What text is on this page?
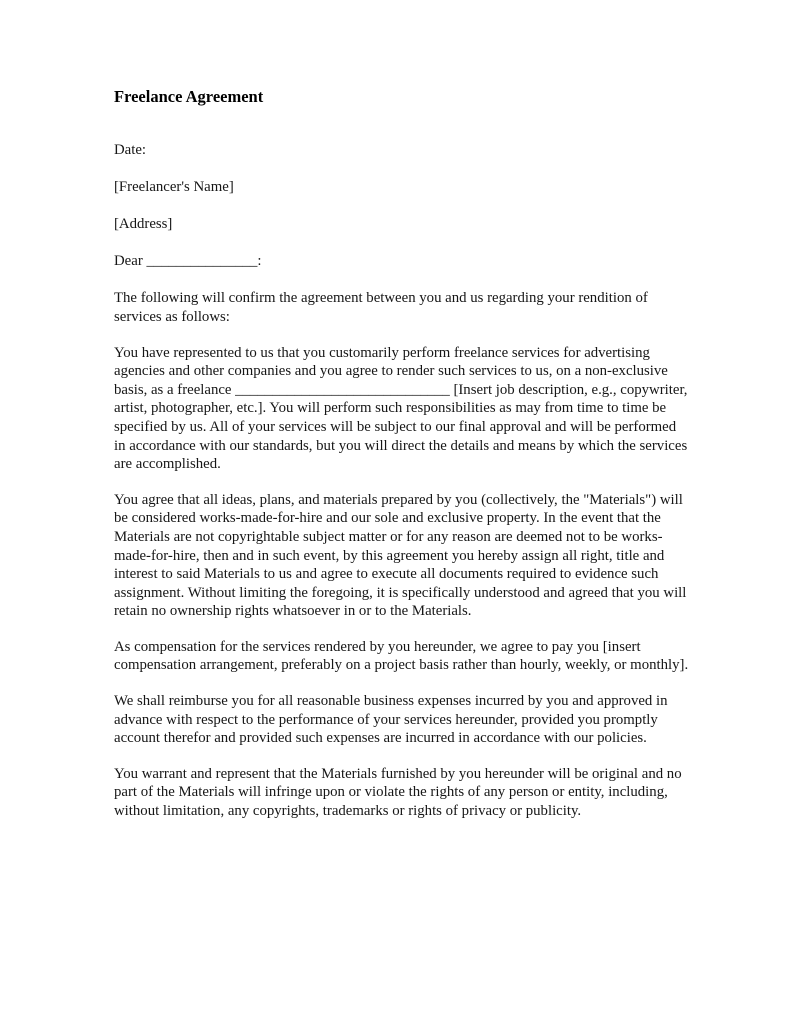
Freelance Agreement

Date:

[Freelancer's Name]

[Address]

Dear _______________:

The following will confirm the agreement between you and us regarding your rendition of services as follows:

You have represented to us that you customarily perform freelance services for advertising agencies and other companies and you agree to render such services to us, on a non-exclusive basis, as a freelance _____________________________ [Insert job description, e.g., copywriter, artist, photographer, etc.]. You will perform such responsibilities as may from time to time be specified by us. All of your services will be subject to our final approval and will be performed in accordance with our standards, but you will direct the details and means by which the services are accomplished.

You agree that all ideas, plans, and materials prepared by you (collectively, the "Materials") will be considered works-made-for-hire and our sole and exclusive property. In the event that the Materials are not copyrightable subject matter or for any reason are deemed not to be works-made-for-hire, then and in such event, by this agreement you hereby assign all right, title and interest to said Materials to us and agree to execute all documents required to evidence such assignment. Without limiting the foregoing, it is specifically understood and agreed that you will retain no ownership rights whatsoever in or to the Materials.

As compensation for the services rendered by you hereunder, we agree to pay you [insert compensation arrangement, preferably on a project basis rather than hourly, weekly, or monthly].

We shall reimburse you for all reasonable business expenses incurred by you and approved in advance with respect to the performance of your services hereunder, provided you promptly account therefor and provided such expenses are incurred in accordance with our policies.

You warrant and represent that the Materials furnished by you hereunder will be original and no part of the Materials will infringe upon or violate the rights of any person or entity, including, without limitation, any copyrights, trademarks or rights of privacy or publicity.
